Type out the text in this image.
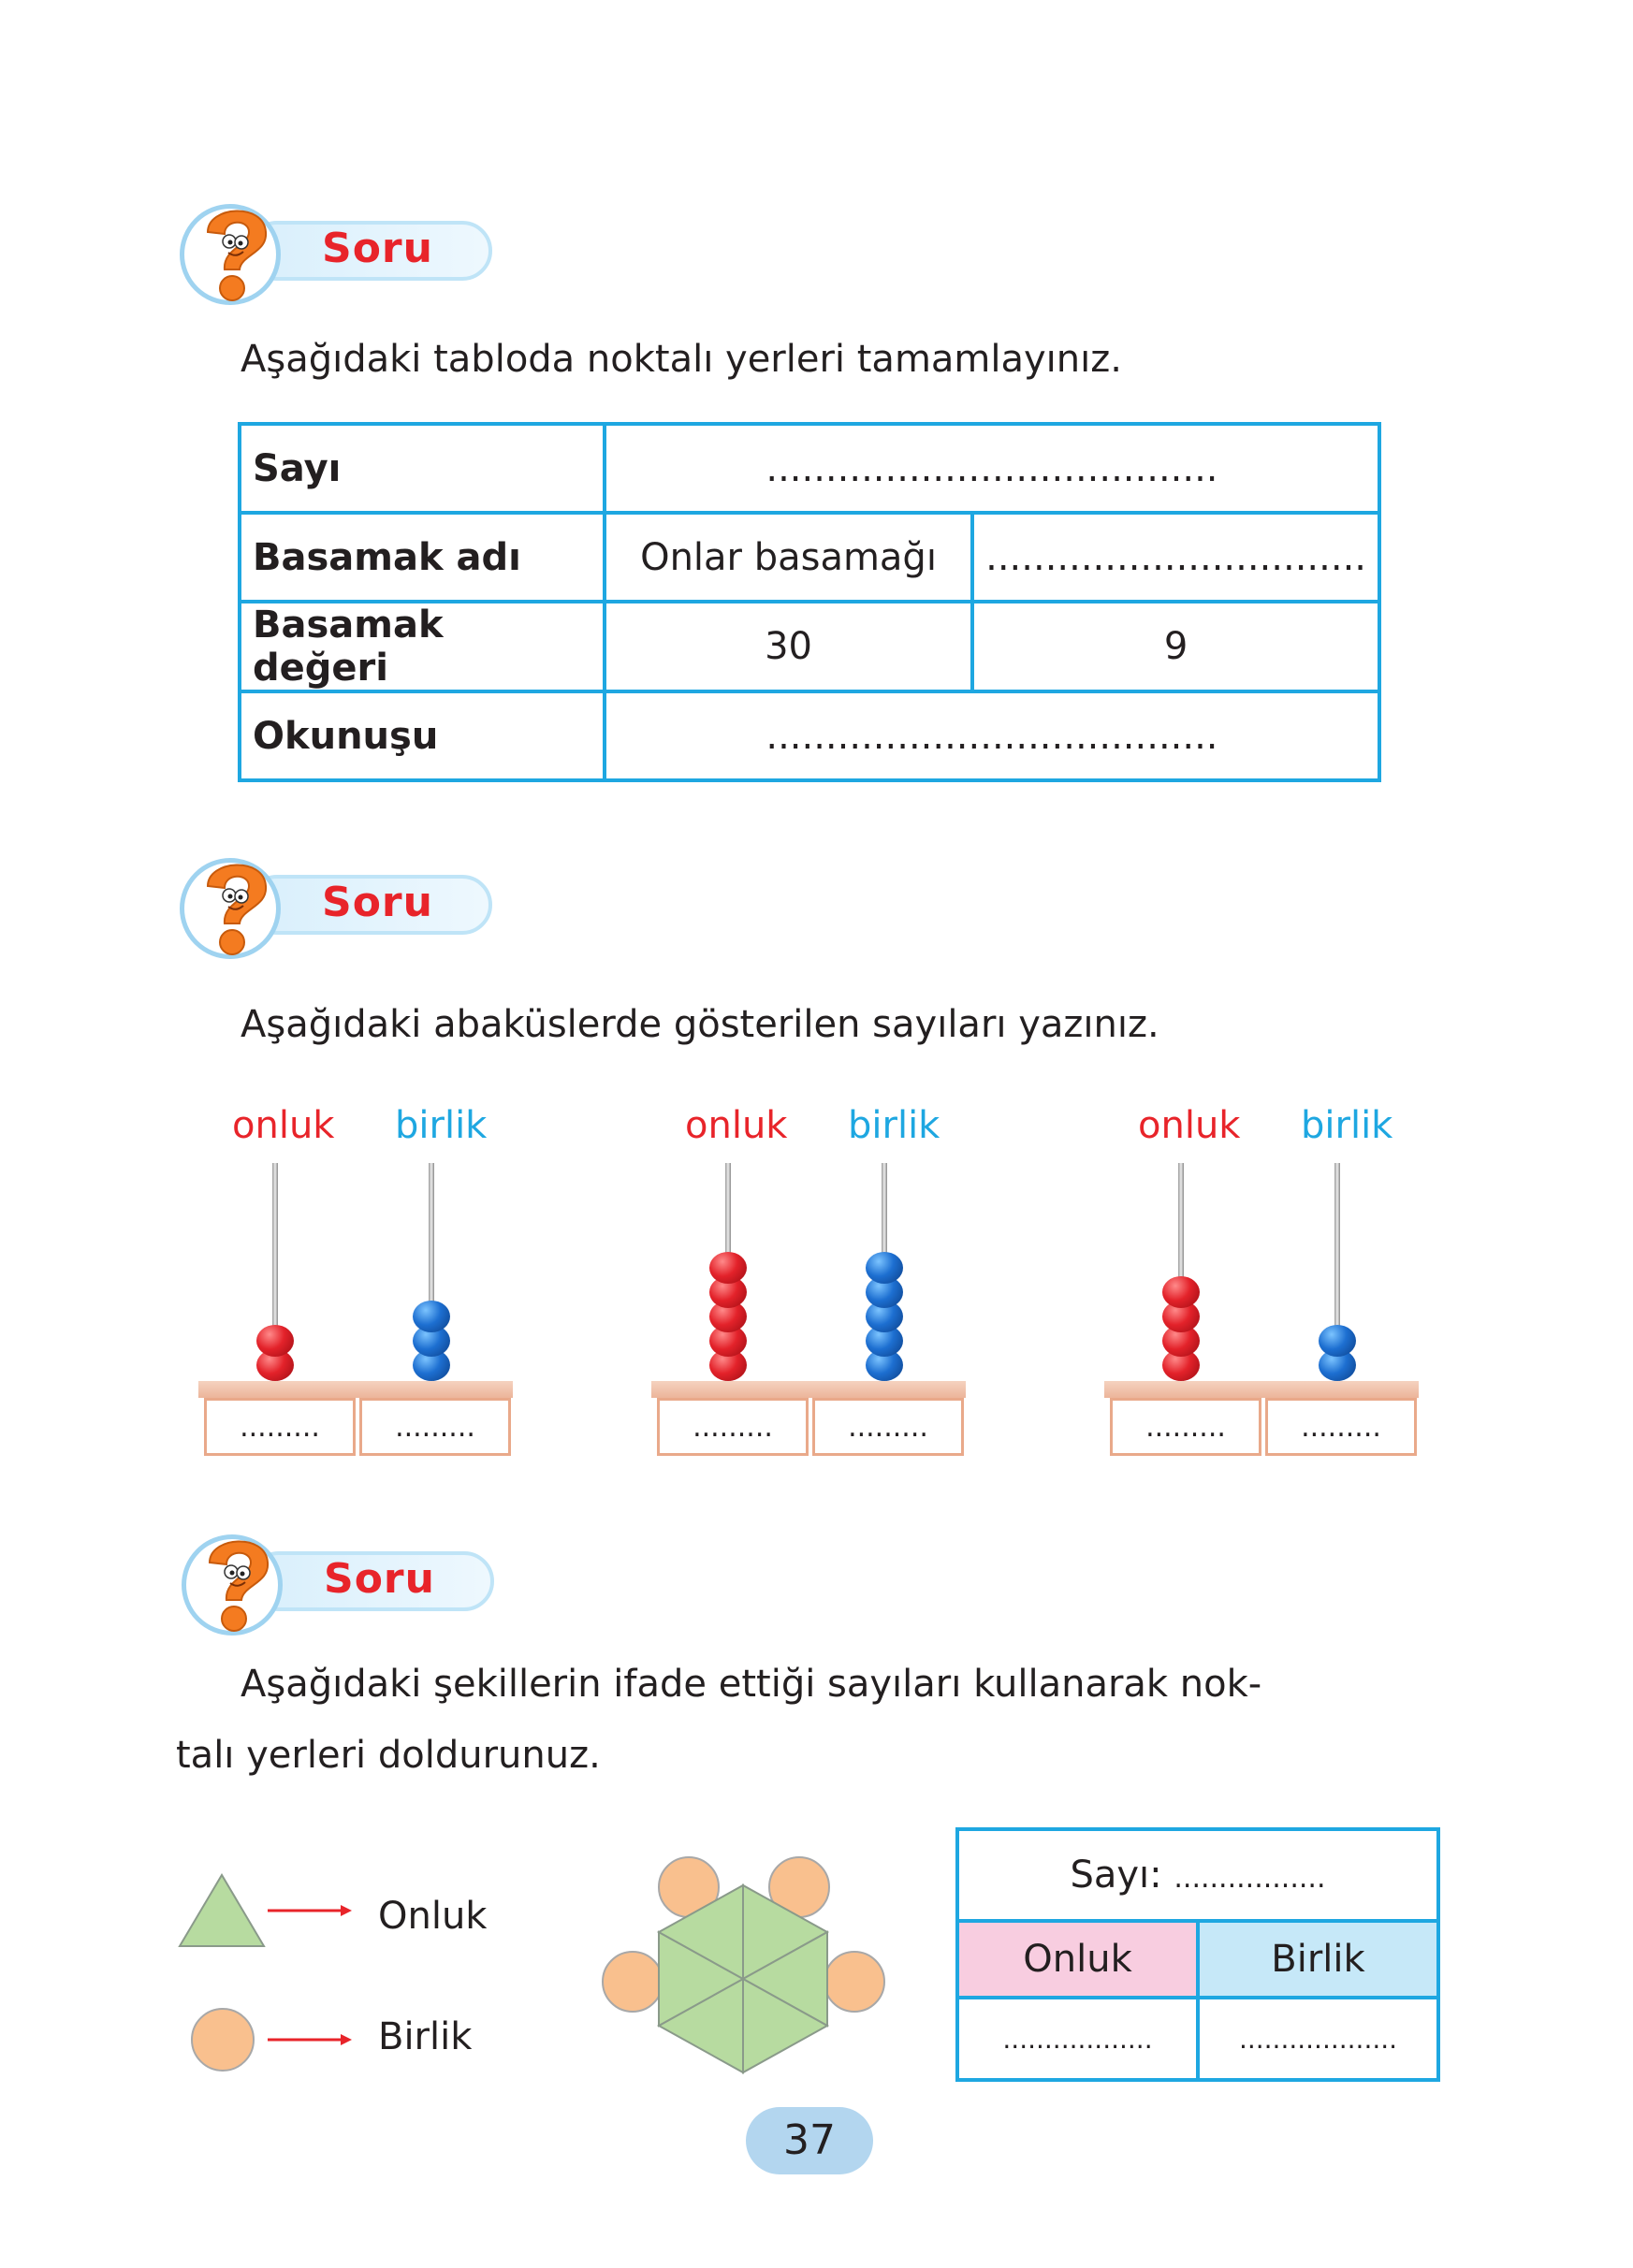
Soru
Aşağıdaki tabloda noktalı yerleri tamamlayınız.
Sayı	......................................	
Basamak adı	Onlar basamağı	................................
Basamak değeri	30	9
Okunuşu	......................................	
Soru
Aşağıdaki abaküslerde gösterilen sayıları yazınız.
onluk birlik
.........	.........
onluk birlik
.........	.........
onluk birlik
.........	.........
Soru
Aşağıdaki şekillerin ifade ettiği sayıları kullanarak nok-
talı yerleri doldurunuz.
Onluk
Birlik
Sayı: .................	
Onluk	Birlik
..................	...................
37
